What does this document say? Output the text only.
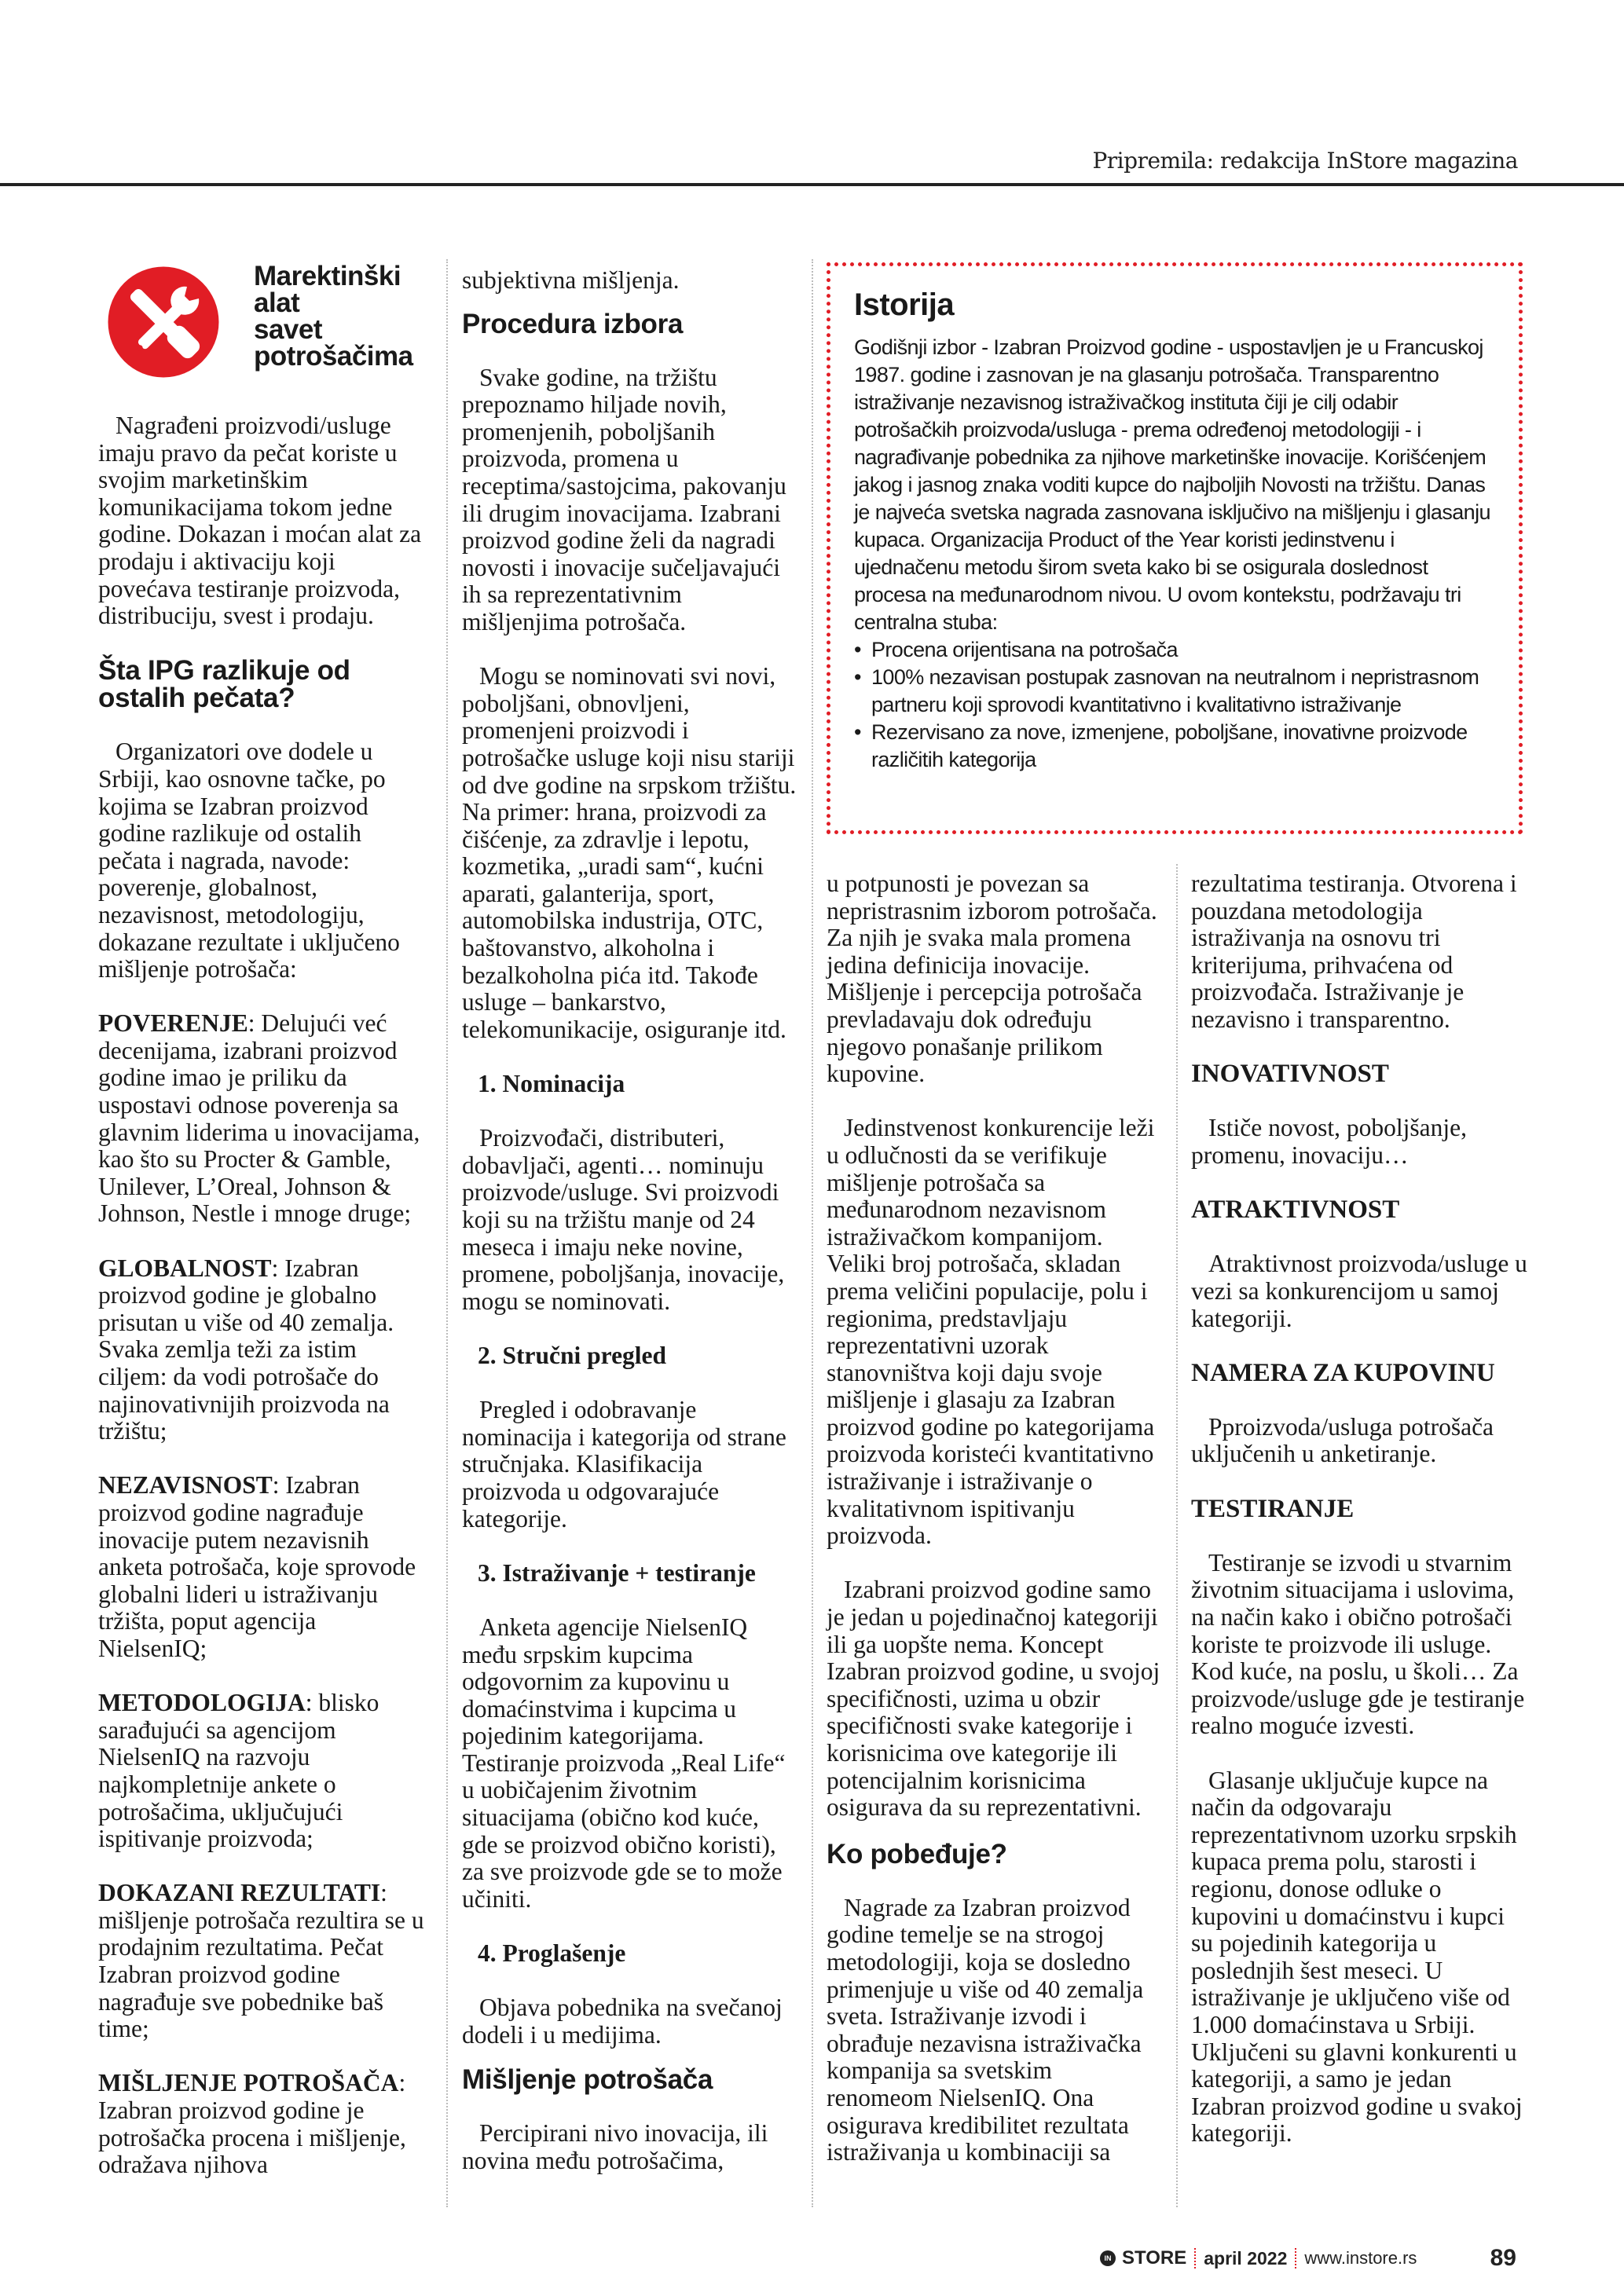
Pripremila: redakcija InStore magazina
Marektinški
alat
savet
potrošačima

Nagrađeni proizvodi/usluge imaju pravo da pečat koriste u svojim marketinškim komunikacijama tokom jedne godine. Dokazan i moćan alat za prodaju i aktivaciju koji povećava testiranje proizvoda, distribuciju, svest i prodaju.

Šta IPG razlikuje od ostalih pečata?

Organizatori ove dodele u Srbiji, kao osnovne tačke, po kojima se Izabran proizvod godine razlikuje od ostalih pečata i nagrada, navode: poverenje, globalnost, nezavisnost, metodologiju, dokazane rezultate i uključeno mišljenje potrošača:

POVERENJE: Delujući već decenijama, izabrani proizvod godine imao je priliku da uspostavi odnose poverenja sa glavnim liderima u inovacijama, kao što su Procter & Gamble, Unilever, L’Oreal, Johnson & Johnson, Nestle i mnoge druge;

GLOBALNOST: Izabran proizvod godine je globalno prisutan u više od 40 zemalja. Svaka zemlja teži za istim ciljem: da vodi potrošače do najinovativnijih proizvoda na tržištu;

NEZAVISNOST: Izabran proizvod godine nagrađuje inovacije putem nezavisnih anketa potrošača, koje sprovode globalni lideri u istraživanju tržišta, poput agencija NielsenIQ;

METODOLOGIJA: blisko sarađujući sa agencijom NielsenIQ na razvoju najkompletnije ankete o potrošačima, uključujući ispitivanje proizvoda;

DOKAZANI REZULTATI: mišljenje potrošača rezultira se u prodajnim rezultatima. Pečat Izabran proizvod godine nagrađuje sve pobednike baš time;

MIŠLJENJE POTROŠAČA: Izabran proizvod godine je potrošačka procena i mišljenje, odražava njihova

subjektivna mišljenja.

Procedura izbora

Svake godine, na tržištu prepoznamo hiljade novih, promenjenih, poboljšanih proizvoda, promena u receptima/sastojcima, pakovanju ili drugim inovacijama. Izabrani proizvod godine želi da nagradi novosti i inovacije sučeljavajući ih sa reprezentativnim mišljenjima potrošača.

Mogu se nominovati svi novi, poboljšani, obnovljeni, promenjeni proizvodi i potrošačke usluge koji nisu stariji od dve godine na srpskom tržištu. Na primer: hrana, proizvodi za čišćenje, za zdravlje i lepotu, kozmetika, „uradi sam“, kućni aparati, galanterija, sport, automobilska industrija, OTC, baštovanstvo, alkoholna i bezalkoholna pića itd. Takođe usluge – bankarstvo, telekomunikacije, osiguranje itd.

1. Nominacija

Proizvođači, distributeri, dobavljači, agenti… nominuju proizvode/usluge. Svi proizvodi koji su na tržištu manje od 24 meseca i imaju neke novine, promene, poboljšanja, inovacije, mogu se nominovati.

2. Stručni pregled

Pregled i odobravanje nominacija i kategorija od strane stručnjaka. Klasifikacija proizvoda u odgovarajuće kategorije.

3. Istraživanje + testiranje

Anketa agencije NielsenIQ među srpskim kupcima odgovornim za kupovinu u domaćinstvima i kupcima u pojedinim kategorijama. Testiranje proizvoda „Real Life“ u uobičajenim životnim situacijama (obično kod kuće, gde se proizvod obično koristi), za sve proizvode gde se to može učiniti.

4. Proglašenje

Objava pobednika na svečanoj dodeli i u medijima.

Mišljenje potrošača

Percipirani nivo inovacija, ili novina među potrošačima,

Istorija
Godišnji izbor - Izabran Proizvod godine - uspostavljen je u Francuskoj 1987. godine i zasnovan je na glasanju potrošača. Transparentno istraživanje nezavisnog istraživačkog instituta čiji je cilj odabir potrošačkih proizvoda/usluga - prema određenoj metodologiji - i nagrađivanje pobednika za njihove marketinške inovacije. Korišćenjem jakog i jasnog znaka voditi kupce do najboljih Novosti na tržištu. Danas je najveća svetska nagrada zasnovana isključivo na mišljenju i glasanju kupaca. Organizacija Product of the Year koristi jedinstvenu i ujednačenu metodu širom sveta kako bi se osigurala doslednost procesa na međunarodnom nivou. U ovom kontekstu, podržavaju tri centralna stuba:
• Procena orijentisana na potrošača
• 100% nezavisan postupak zasnovan na neutralnom i nepristrasnom partneru koji sprovodi kvantitativno i kvalitativno istraživanje
• Rezervisano za nove, izmenjene, poboljšane, inovativne proizvode različitih kategorija

u potpunosti je povezan sa nepristrasnim izborom potrošača. Za njih je svaka mala promena jedina definicija inovacije. Mišljenje i percepcija potrošača prevladavaju dok određuju njegovo ponašanje prilikom kupovine.

Jedinstvenost konkurencije leži u odlučnosti da se verifikuje mišljenje potrošača sa međunarodnom nezavisnom istraživačkom kompanijom. Veliki broj potrošača, skladan prema veličini populacije, polu i regionima, predstavljaju reprezentativni uzorak stanovništva koji daju svoje mišljenje i glasaju za Izabran proizvod godine po kategorijama proizvoda koristeći kvantitativno istraživanje i istraživanje o kvalitativnom ispitivanju proizvoda.

Izabrani proizvod godine samo je jedan u pojedinačnoj kategoriji ili ga uopšte nema. Koncept Izabran proizvod godine, u svojoj specifičnosti, uzima u obzir specifičnosti svake kategorije i korisnicima ove kategorije ili potencijalnim korisnicima osigurava da su reprezentativni.

Ko pobeđuje?

Nagrade za Izabran proizvod godine temelje se na strogoj metodologiji, koja se dosledno primenjuje u više od 40 zemalja sveta. Istraživanje izvodi i obrađuje nezavisna istraživačka kompanija sa svetskim renomeom NielsenIQ. Ona osigurava kredibilitet rezultata istraživanja u kombinaciji sa

rezultatima testiranja. Otvorena i pouzdana metodologija istraživanja na osnovu tri kriterijuma, prihvaćena od proizvođača. Istraživanje je nezavisno i transparentno.

INOVATIVNOST

Ističe novost, poboljšanje, promenu, inovaciju…

ATRAKTIVNOST

Atraktivnost proizvoda/usluge u vezi sa konkurencijom u samoj kategoriji.

NAMERA ZA KUPOVINU

Pproizvoda/usluga potrošača uključenih u anketiranje.

TESTIRANJE

Testiranje se izvodi u stvarnim životnim situacijama i uslovima, na način kako i obično potrošači koriste te proizvode ili usluge. Kod kuće, na poslu, u školi… Za proizvode/usluge gde je testiranje realno moguće izvesti.

Glasanje uključuje kupce na način da odgovaraju reprezentativnom uzorku srpskih kupaca prema polu, starosti i regionu, donose odluke o kupovini u domaćinstvu i kupci su pojedinih kategorija u poslednjih šest meseci. U istraživanje je uključeno više od 1.000 domaćinstava u Srbiji. Uključeni su glavni konkurenti u kategoriji, a samo je jedan Izabran proizvod godine u svakoj kategoriji.

IN STORE april 2022 www.instore.rs	89
